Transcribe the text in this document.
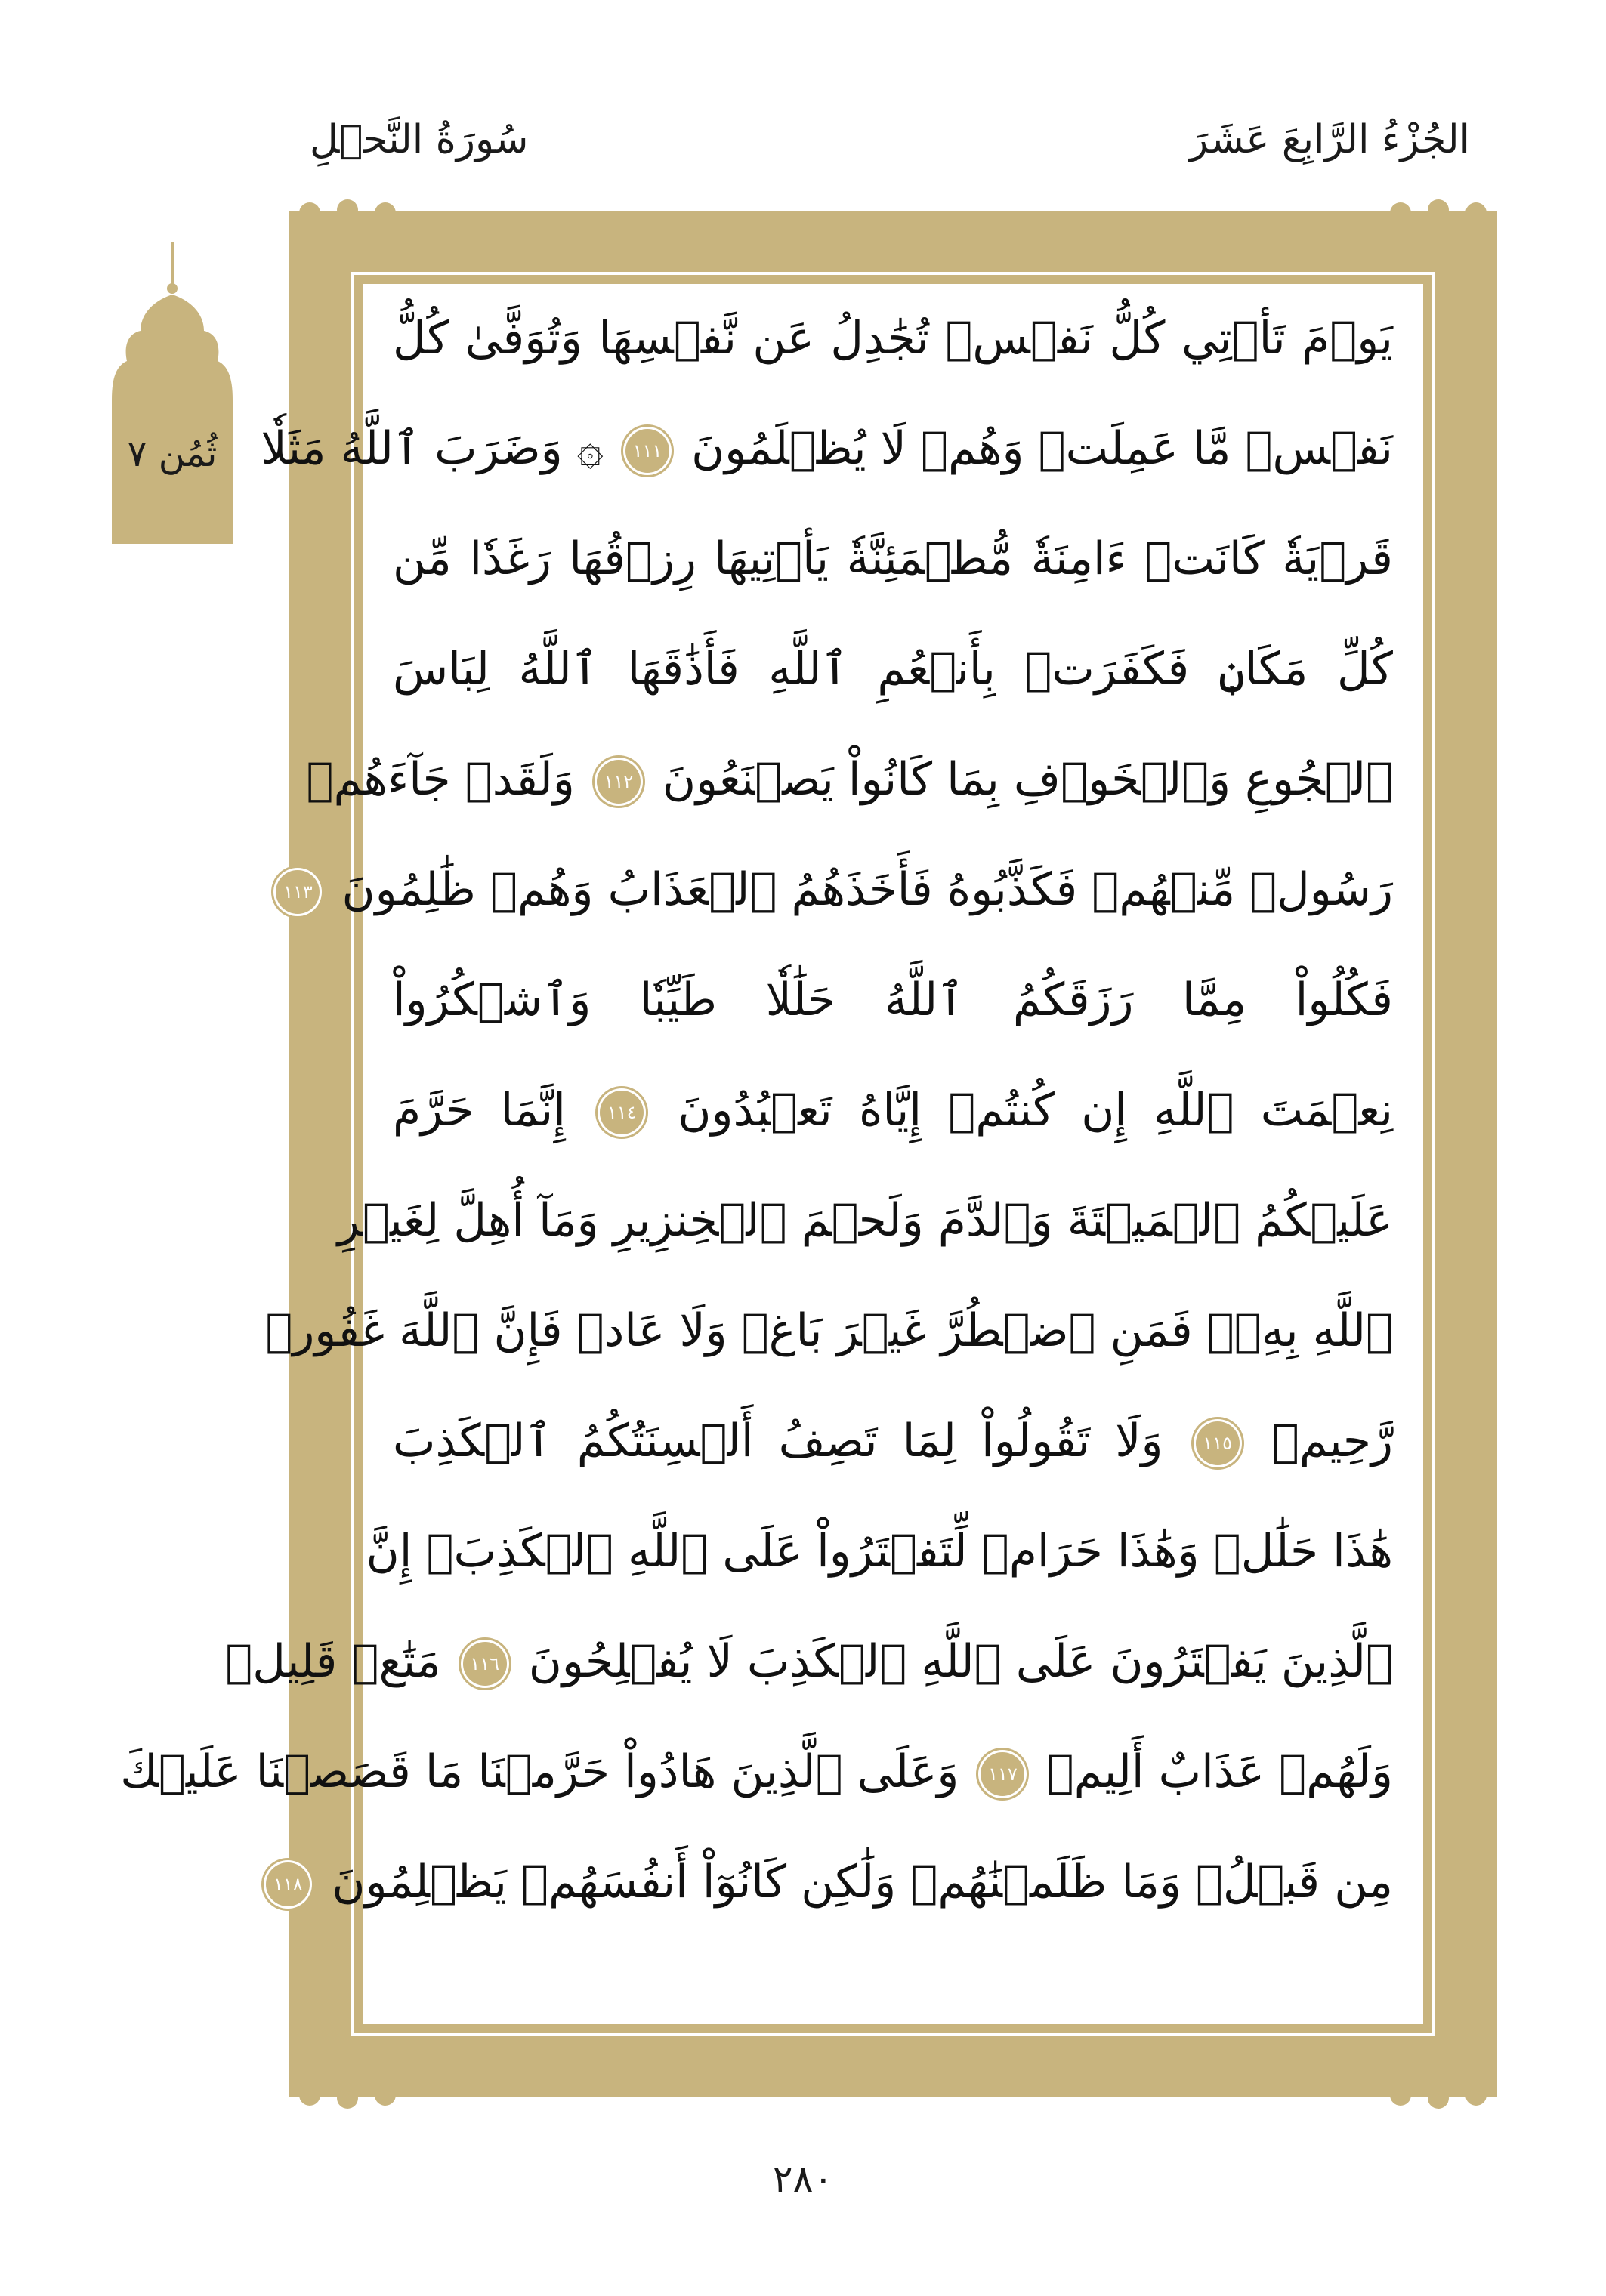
الجُزْءُ الرَّابِعَ عَشَرَ
سُورَةُ النَّحۡلِ
ثُمُن ٧
يَوۡمَ تَأۡتِي كُلُّ نَفۡسٖ تُجَٰدِلُ عَن نَّفۡسِهَا وَتُوَفَّىٰ كُلُّ
نَفۡسٖ مَّا عَمِلَتۡ وَهُمۡ لَا يُظۡلَمُونَ ١١١ ۞ وَضَرَبَ ٱللَّهُ مَثَلٗا
قَرۡيَةٗ كَانَتۡ ءَامِنَةٗ مُّطۡمَئِنَّةٗ يَأۡتِيهَا رِزۡقُهَا رَغَدٗا مِّن
كُلِّ مَكَانٖ فَكَفَرَتۡ بِأَنۡعُمِ ٱللَّهِ فَأَذَٰقَهَا ٱللَّهُ لِبَاسَ
ٱلۡجُوعِ وَٱلۡخَوۡفِ بِمَا كَانُواْ يَصۡنَعُونَ ١١٢ وَلَقَدۡ جَآءَهُمۡ
رَسُولٞ مِّنۡهُمۡ فَكَذَّبُوهُ فَأَخَذَهُمُ ٱلۡعَذَابُ وَهُمۡ ظَٰلِمُونَ ١١٣
فَكُلُواْ مِمَّا رَزَقَكُمُ ٱللَّهُ حَلَٰلٗا طَيِّبٗا وَٱشۡكُرُواْ
نِعۡمَتَ ٱللَّهِ إِن كُنتُمۡ إِيَّاهُ تَعۡبُدُونَ ١١٤ إِنَّمَا حَرَّمَ
عَلَيۡكُمُ ٱلۡمَيۡتَةَ وَٱلدَّمَ وَلَحۡمَ ٱلۡخِنزِيرِ وَمَآ أُهِلَّ لِغَيۡرِ
ٱللَّهِ بِهِۦۖ فَمَنِ ٱضۡطُرَّ غَيۡرَ بَاغٖ وَلَا عَادٖ فَإِنَّ ٱللَّهَ غَفُورٞ
رَّحِيمٞ ١١٥ وَلَا تَقُولُواْ لِمَا تَصِفُ أَلۡسِنَتُكُمُ ٱلۡكَذِبَ
هَٰذَا حَلَٰلٞ وَهَٰذَا حَرَامٞ لِّتَفۡتَرُواْ عَلَى ٱللَّهِ ٱلۡكَذِبَۚ إِنَّ
ٱلَّذِينَ يَفۡتَرُونَ عَلَى ٱللَّهِ ٱلۡكَذِبَ لَا يُفۡلِحُونَ ١١٦ مَتَٰعٞ قَلِيلٞ
وَلَهُمۡ عَذَابٌ أَلِيمٞ ١١٧ وَعَلَى ٱلَّذِينَ هَادُواْ حَرَّمۡنَا مَا قَصَصۡنَا عَلَيۡكَ
مِن قَبۡلُۖ وَمَا ظَلَمۡنَٰهُمۡ وَلَٰكِن كَانُوٓاْ أَنفُسَهُمۡ يَظۡلِمُونَ ١١٨
٢٨٠
